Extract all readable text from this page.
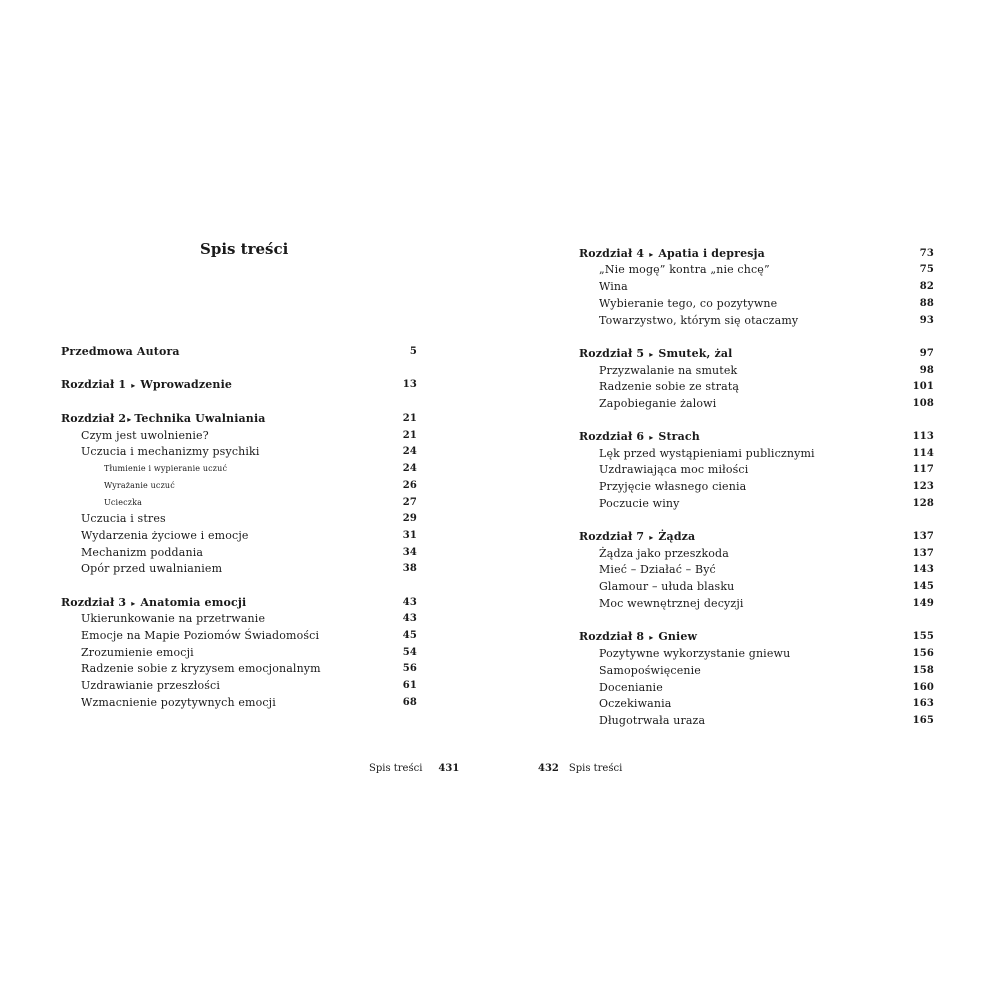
Spis treści
Przedmowa Autora	5
Rozdział 1 ▸ Wprowadzenie	13
Rozdział 2▸ Technika Uwalniania	21
Czym jest uwolnienie?	21
Uczucia i mechanizmy psychiki	24
Tłumienie i wypieranie uczuć	24
Wyrażanie uczuć	26
Ucieczka	27
Uczucia i stres	29
Wydarzenia życiowe i emocje	31
Mechanizm poddania	34
Opór przed uwalnianiem	38
Rozdział 3 ▸ Anatomia emocji	43
Ukierunkowanie na przetrwanie	43
Emocje na Mapie Poziomów Świadomości	45
Zrozumienie emocji	54
Radzenie sobie z kryzysem emocjonalnym	56
Uzdrawianie przeszłości	61
Wzmacnienie pozytywnych emocji	68
Spis treści 431
Rozdział 4 ▸ Apatia i depresja	73
„Nie mogę” kontra „nie chcę”	75
Wina	82
Wybieranie tego, co pozytywne	88
Towarzystwo, którym się otaczamy	93
Rozdział 5 ▸ Smutek, żal	97
Przyzwalanie na smutek	98
Radzenie sobie ze stratą	101
Zapobieganie żalowi	108
Rozdział 6 ▸ Strach	113
Lęk przed wystąpieniami publicznymi	114
Uzdrawiająca moc miłości	117
Przyjęcie własnego cienia	123
Poczucie winy	128
Rozdział 7 ▸ Żądza	137
Żądza jako przeszkoda	137
Mieć – Działać – Być	143
Glamour – ułuda blasku	145
Moc wewnętrznej decyzji	149
Rozdział 8 ▸ Gniew	155
Pozytywne wykorzystanie gniewu	156
Samopoświęcenie	158
Docenianie	160
Oczekiwania	163
Długotrwała uraza	165
432 Spis treści
